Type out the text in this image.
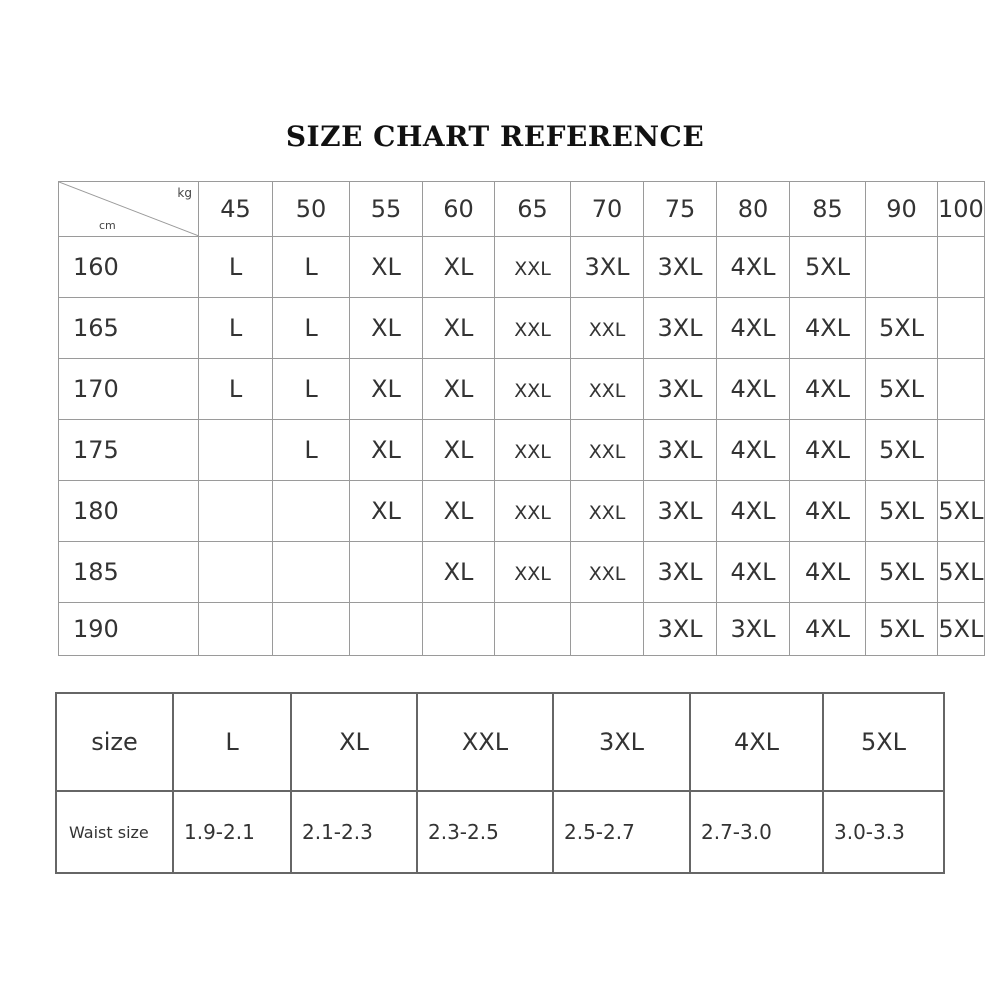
SIZE CHART REFERENCE
kg
cm	45	50	55	60	65	70	75	80	85	90	100
160	L	L	XL	XL	XXL	3XL	3XL	4XL	5XL		
165	L	L	XL	XL	XXL	XXL	3XL	4XL	4XL	5XL	
170	L	L	XL	XL	XXL	XXL	3XL	4XL	4XL	5XL	
175		L	XL	XL	XXL	XXL	3XL	4XL	4XL	5XL	
180			XL	XL	XXL	XXL	3XL	4XL	4XL	5XL	5XL
185				XL	XXL	XXL	3XL	4XL	4XL	5XL	5XL
190							3XL	3XL	4XL	5XL	5XL
size	L	XL	XXL	3XL	4XL	5XL
Waist size	1.9-2.1	2.1-2.3	2.3-2.5	2.5-2.7	2.7-3.0	3.0-3.3
